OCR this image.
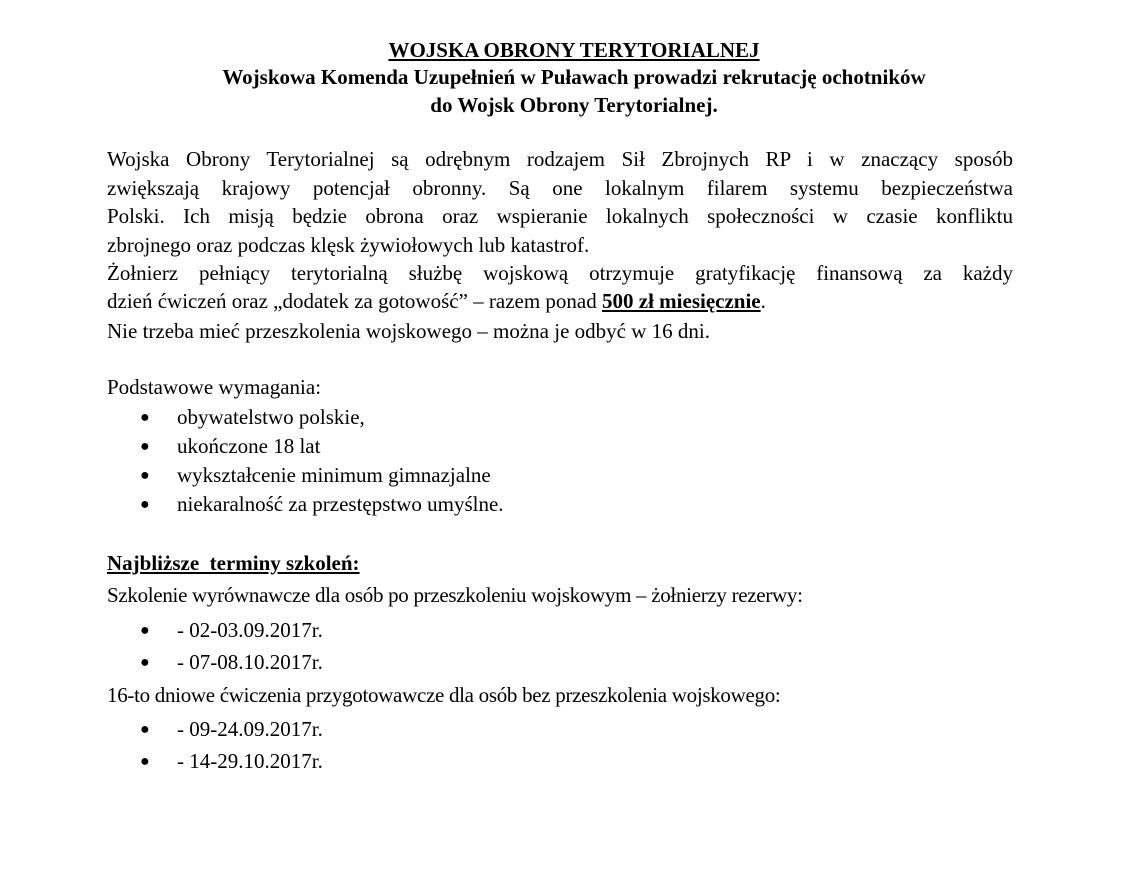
WOJSKA OBRONY TERYTORIALNEJ
Wojskowa Komenda Uzupełnień w Puławach prowadzi rekrutację ochotników
do Wojsk Obrony Terytorialnej.
Wojska Obrony Terytorialnej są odrębnym rodzajem Sił Zbrojnych RP i w znaczący sposób
zwiększają krajowy potencjał obronny. Są one lokalnym filarem systemu bezpieczeństwa
Polski. Ich misją będzie obrona oraz wspieranie lokalnych społeczności w czasie konfliktu
zbrojnego oraz podczas klęsk żywiołowych lub katastrof.
Żołnierz pełniący terytorialną służbę wojskową otrzymuje gratyfikację finansową za każdy
dzień ćwiczeń oraz „dodatek za gotowość” – razem ponad 500 zł miesięcznie.
Nie trzeba mieć przeszkolenia wojskowego – można je odbyć w 16 dni.
Podstawowe wymagania:
● obywatelstwo polskie,
● ukończone 18 lat
● wykształcenie minimum gimnazjalne
● niekaralność za przestępstwo umyślne.
Najbliższe  terminy szkoleń:
Szkolenie wyrównawcze dla osób po przeszkoleniu wojskowym – żołnierzy rezerwy:
● - 02-03.09.2017r.
● - 07-08.10.2017r.
16-to dniowe ćwiczenia przygotowawcze dla osób bez przeszkolenia wojskowego:
● - 09-24.09.2017r.
● - 14-29.10.2017r.
